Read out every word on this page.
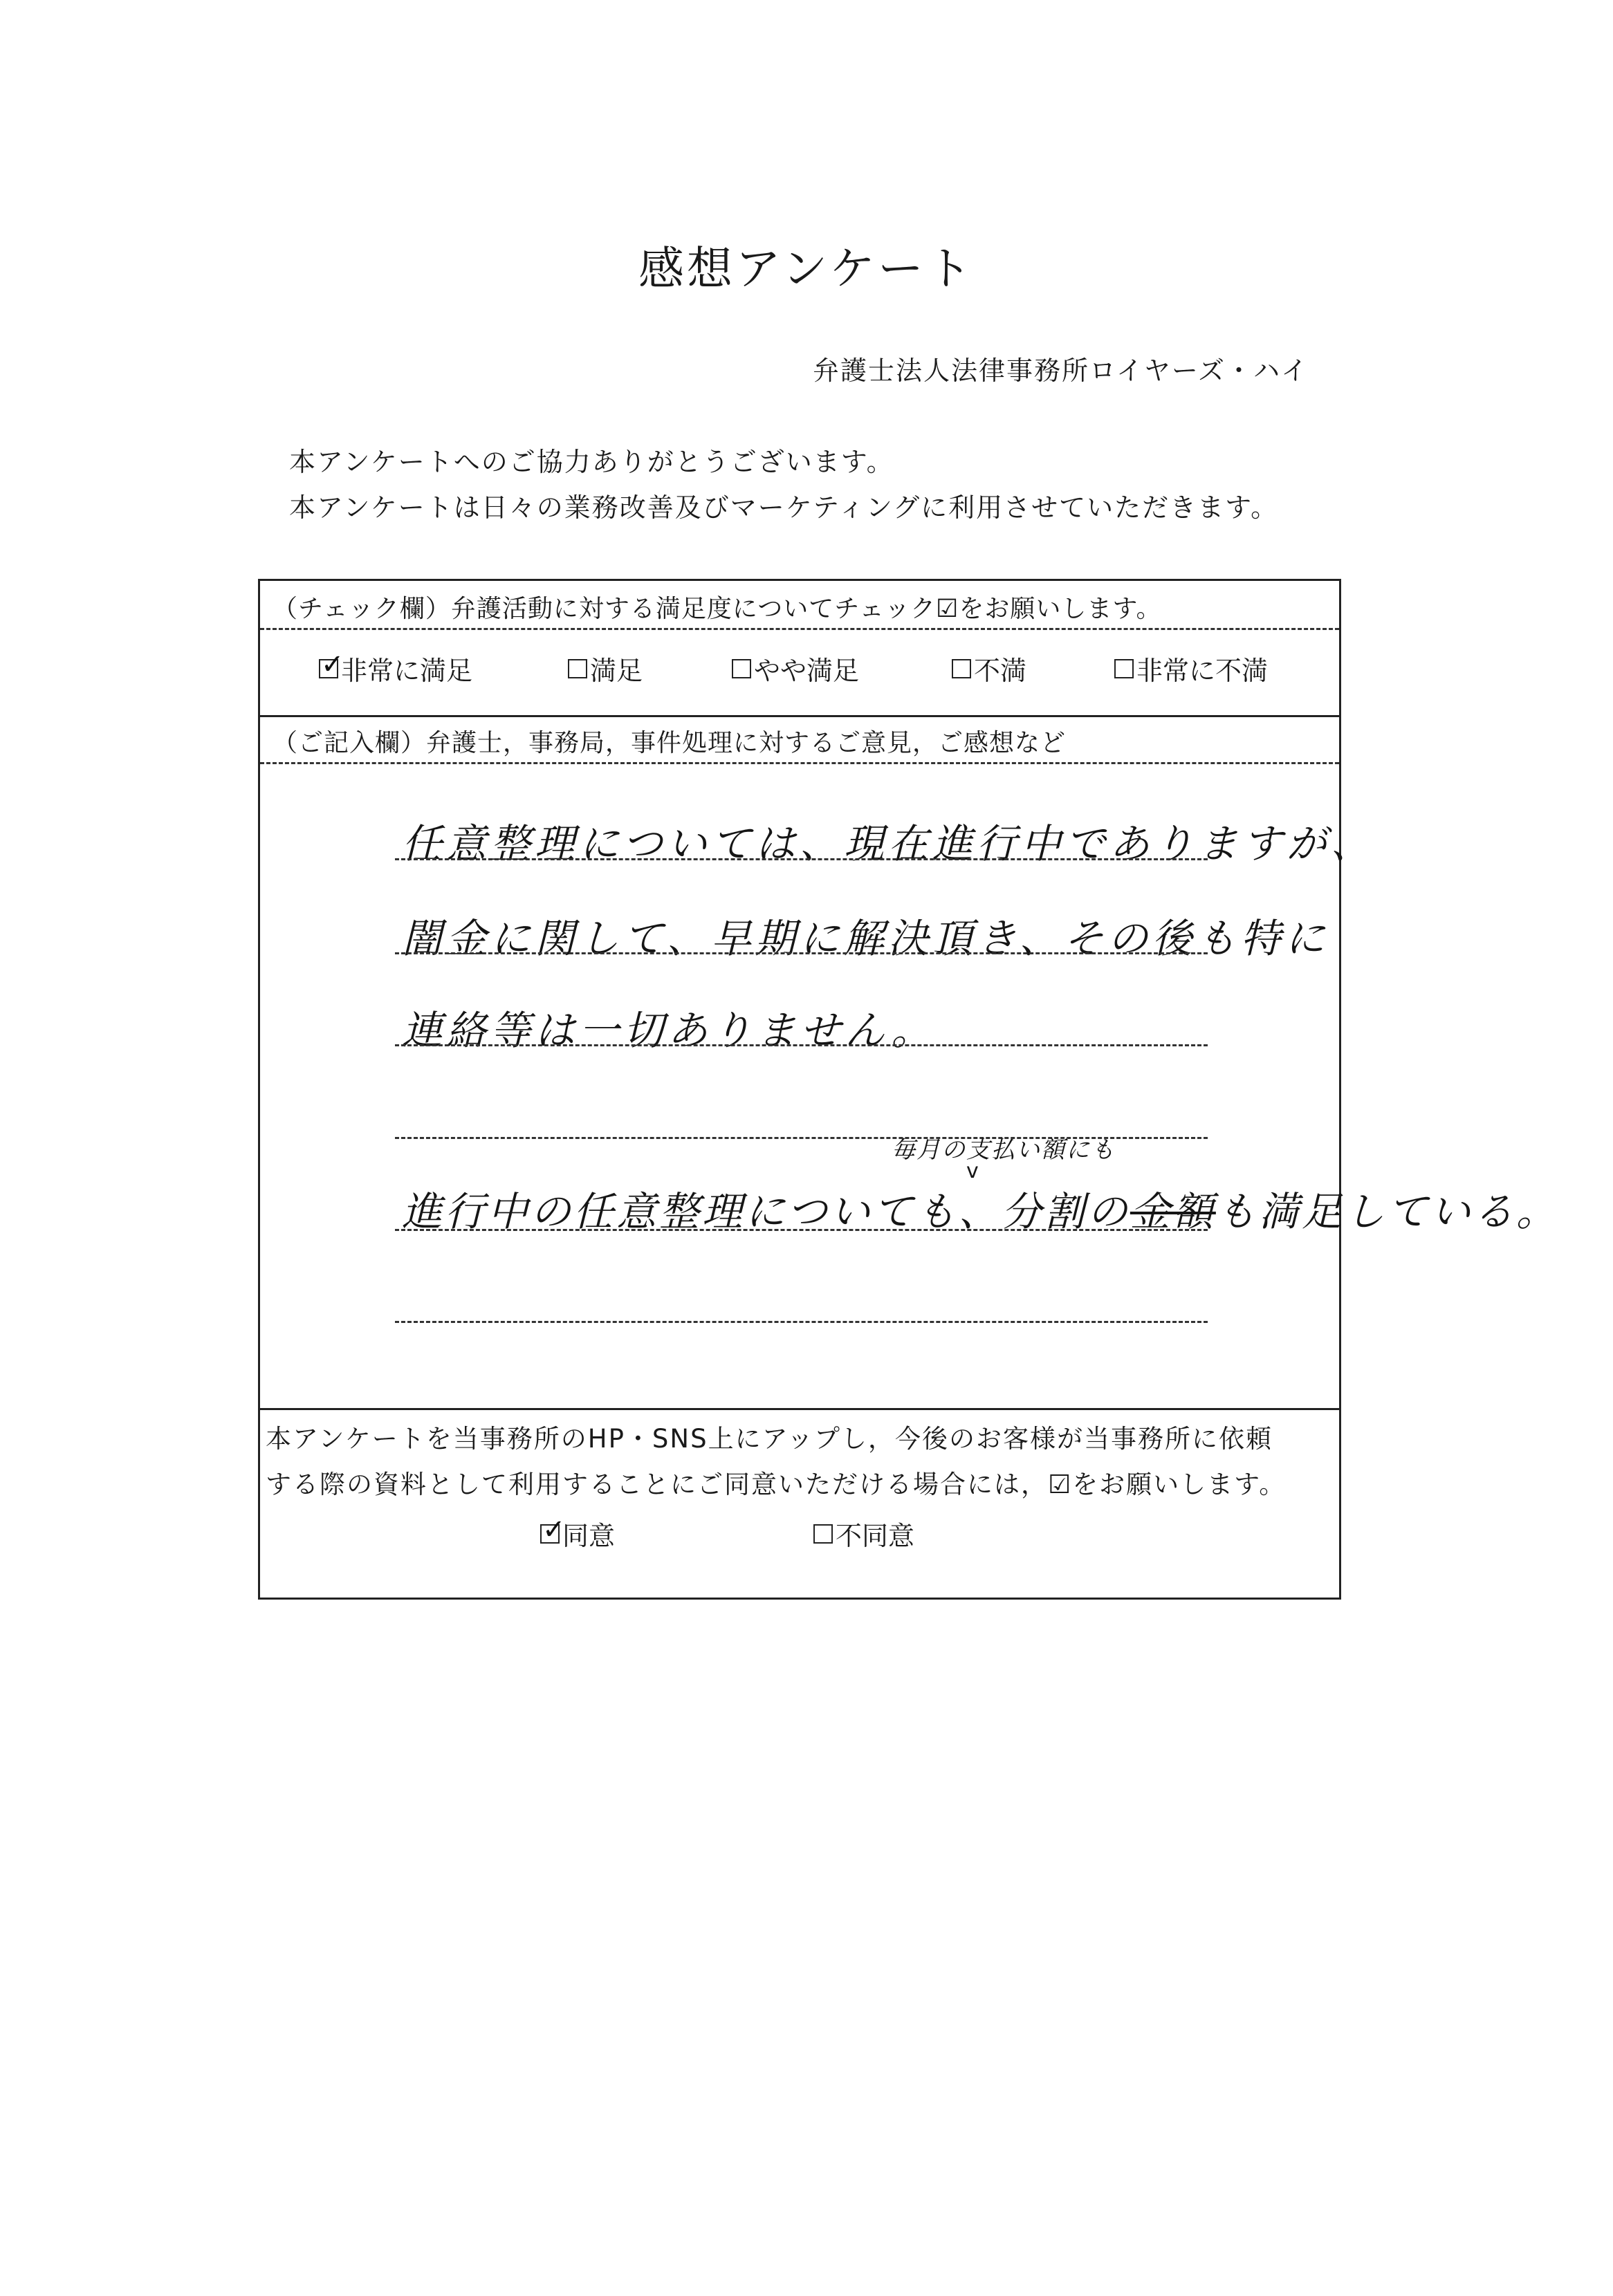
感想アンケート
弁護士法人法律事務所ロイヤーズ・ハイ
本アンケートへのご協力ありがとうございます。
本アンケートは日々の業務改善及びマーケティングに利用させていただきます。
（チェック欄）弁護活動に対する満足度についてチェック☑をお願いします。
✓
非常に満足	満足	やや満足	不満	非常に不満
（ご記入欄）弁護士，事務局，事件処理に対するご意見，ご感想など
任意整理については、現在進行中でありますが、
闇金に関して、早期に解決頂き、その後も特に
連絡等は一切ありません。
毎月の支払い額にも
v
進行中の任意整理についても、分割の金額も満足している。
本アンケートを当事務所のHP・SNS上にアップし，今後のお客様が当事務所に依頼
する際の資料として利用することにご同意いただける場合には，☑をお願いします。
✓
同意	不同意
